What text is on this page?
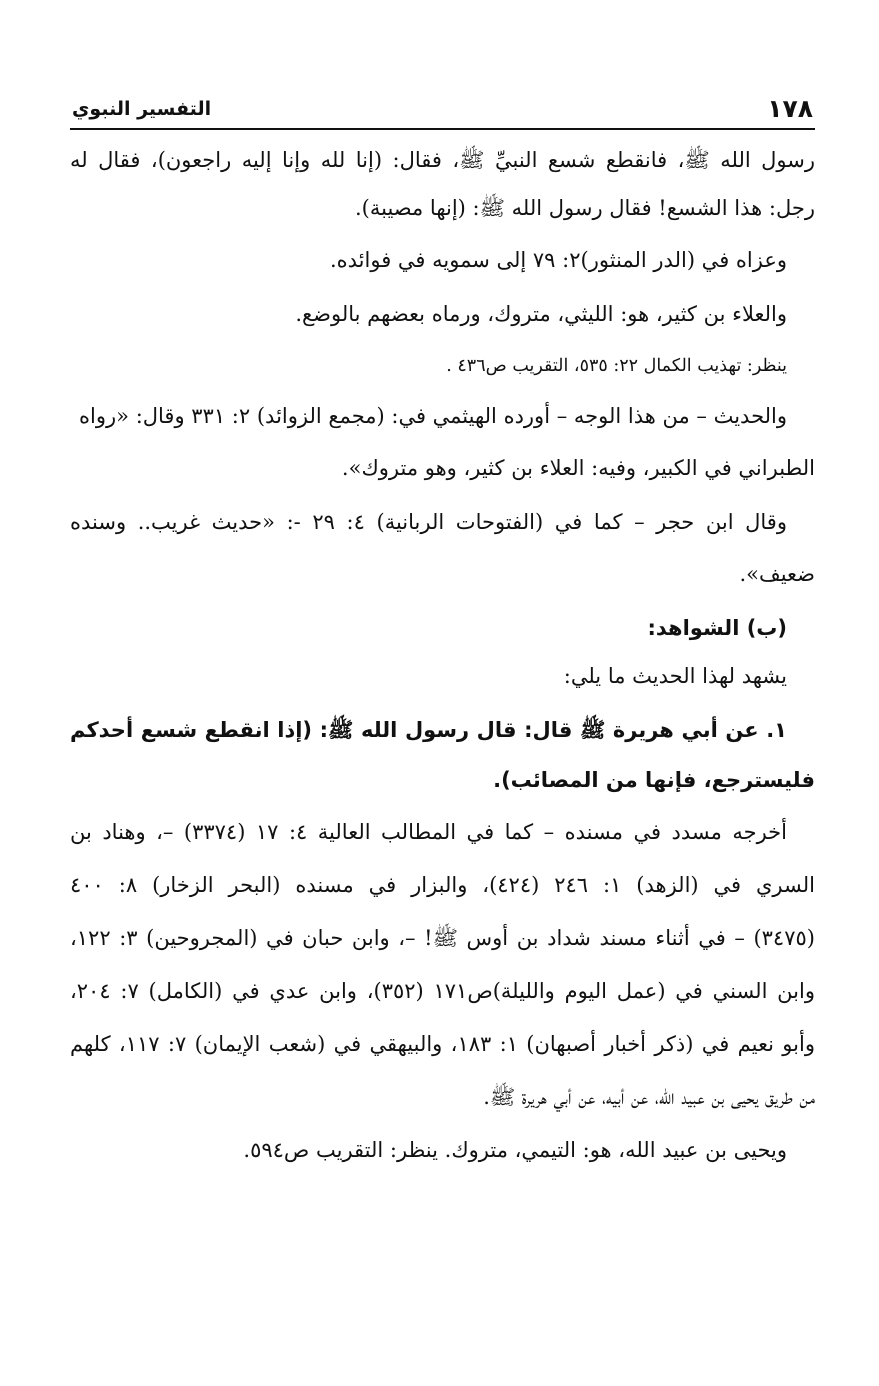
١٧٨
التفسير النبوي
رسول الله ﷺ، فانقطع شسع النبيِّ ﷺ، فقال: (إنا لله وإنا إليه راجعون)، فقال له
رجل: هذا الشسع! فقال رسول الله ﷺ: (إنها مصيبة).
وعزاه في (الدر المنثور)٢: ٧٩ إلى سمويه في فوائده.
والعلاء بن كثير، هو: الليثي، متروك، ورماه بعضهم بالوضع.
ينظر: تهذيب الكمال ٢٢: ٥٣٥، التقريب ص٤٣٦ .
والحديث – من هذا الوجه – أورده الهيثمي في: (مجمع الزوائد) ٢: ٣٣١ وقال: «رواه
الطبراني في الكبير، وفيه: العلاء بن كثير، وهو متروك».
وقال ابن حجر – كما في (الفتوحات الربانية) ٤: ٢٩ -: «حديث غريب.. وسنده
ضعيف».
(ب) الشواهد:
يشهد لهذا الحديث ما يلي:
١. عن أبي هريرة ﷺ قال: قال رسول الله ﷺ: (إذا انقطع شسع أحدكم
فليسترجع، فإنها من المصائب).
أخرجه مسدد في مسنده – كما في المطالب العالية ٤: ١٧ (٣٣٧٤) –، وهناد بن
السري في (الزهد) ١: ٢٤٦ (٤٢٤)، والبزار في مسنده (البحر الزخار) ٨: ٤٠٠
(٣٤٧٥) – في أثناء مسند شداد بن أوس ﷺ! –، وابن حبان في (المجروحين) ٣: ١٢٢،
وابن السني في (عمل اليوم والليلة)ص١٧١ (٣٥٢)، وابن عدي في (الكامل) ٧: ٢٠٤،
وأبو نعيم في (ذكر أخبار أصبهان) ١: ١٨٣، والبيهقي في (شعب الإيمان) ٧: ١١٧، كلهم
من طريق يحيى بن عبيد الله، عن أبيه، عن أبي هريرة ﷺ.
ويحيى بن عبيد الله، هو: التيمي، متروك. ينظر: التقريب ص٥٩٤.
